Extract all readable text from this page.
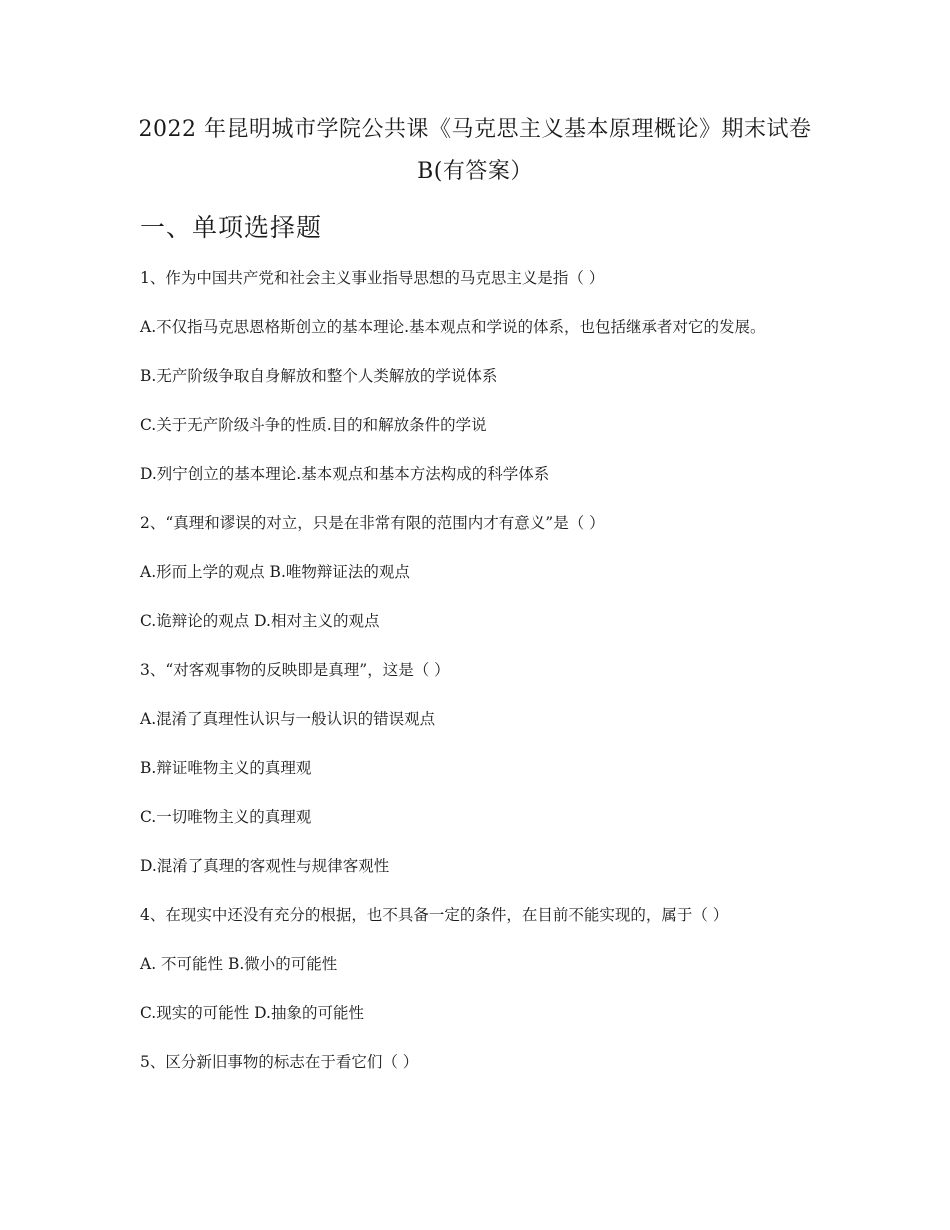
2022 年昆明城市学院公共课《马克思主义基本原理概论》期末试卷
B(有答案）
一、单项选择题
1、作为中国共产党和社会主义事业指导思想的马克思主义是指（ ）
A.不仅指马克思恩格斯创立的基本理论.基本观点和学说的体系，也包括继承者对它的发展。
B.无产阶级争取自身解放和整个人类解放的学说体系
C.关于无产阶级斗争的性质.目的和解放条件的学说
D.列宁创立的基本理论.基本观点和基本方法构成的科学体系
2、“真理和谬误的对立，只是在非常有限的范围内才有意义”是（ ）
A.形而上学的观点 B.唯物辩证法的观点
C.诡辩论的观点 D.相对主义的观点
3、“对客观事物的反映即是真理”，这是（ ）
A.混淆了真理性认识与一般认识的错误观点
B.辩证唯物主义的真理观
C.一切唯物主义的真理观
D.混淆了真理的客观性与规律客观性
4、在现实中还没有充分的根据，也不具备一定的条件，在目前不能实现的，属于（ ）
A. 不可能性 B.微小的可能性
C.现实的可能性 D.抽象的可能性
5、区分新旧事物的标志在于看它们（ ）
